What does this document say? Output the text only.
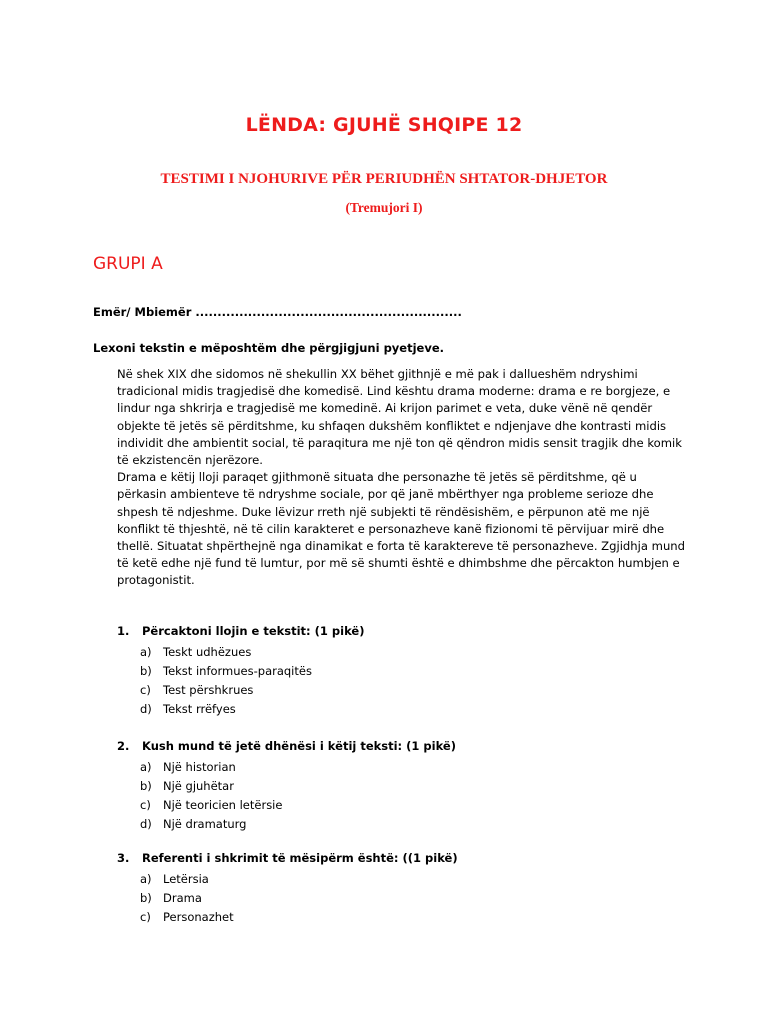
LËNDA: GJUHË SHQIPE 12
TESTIMI I NJOHURIVE PËR PERIUDHËN SHTATOR-DHJETOR
(Tremujori I)
GRUPI A
Emër/ Mbiemër .............................................................
Lexoni tekstin e mëposhtëm dhe përgjigjuni pyetjeve.

Në shek XIX dhe sidomos në shekullin XX bëhet gjithnjë e më pak i dallueshëm ndryshimi

tradicional midis tragjedisë dhe komedisë. Lind kështu drama moderne: drama e re borgjeze, e

lindur nga shkrirja e tragjedisë me komedinë. Ai krijon parimet e veta, duke vënë në qendër

objekte të jetës së përditshme, ku shfaqen dukshëm konfliktet e ndjenjave dhe kontrasti midis

individit dhe ambientit social, të paraqitura me një ton që qëndron midis sensit tragjik dhe komik

të ekzistencën njerëzore.

Drama e këtij lloji paraqet gjithmonë situata dhe personazhe të jetës së përditshme, që u

përkasin ambienteve të ndryshme sociale, por që janë mbërthyer nga probleme serioze dhe

shpesh të ndjeshme. Duke lëvizur rreth një subjekti të rëndësishëm, e përpunon atë me një

konflikt të thjeshtë, në të cilin karakteret e personazheve kanë fizionomi të përvijuar mirë dhe

thellë. Situatat shpërthejnë nga dinamikat e forta të karaktereve të personazheve. Zgjidhja mund

të ketë edhe një fund të lumtur, por më së shumti është e dhimbshme dhe përcakton humbjen e

protagonistit.

1. Përcaktoni llojin e tekstit: (1 pikë)
a) Teskt udhëzues
b) Tekst informues-paraqitës
c) Test përshkrues
d) Tekst rrëfyes
2. Kush mund të jetë dhënësi i këtij teksti: (1 pikë)
a) Një historian
b) Një gjuhëtar
c) Një teoricien letërsie
d) Një dramaturg
3. Referenti i shkrimit të mësipërm është: ((1 pikë)
a) Letërsia
b) Drama
c) Personazhet
